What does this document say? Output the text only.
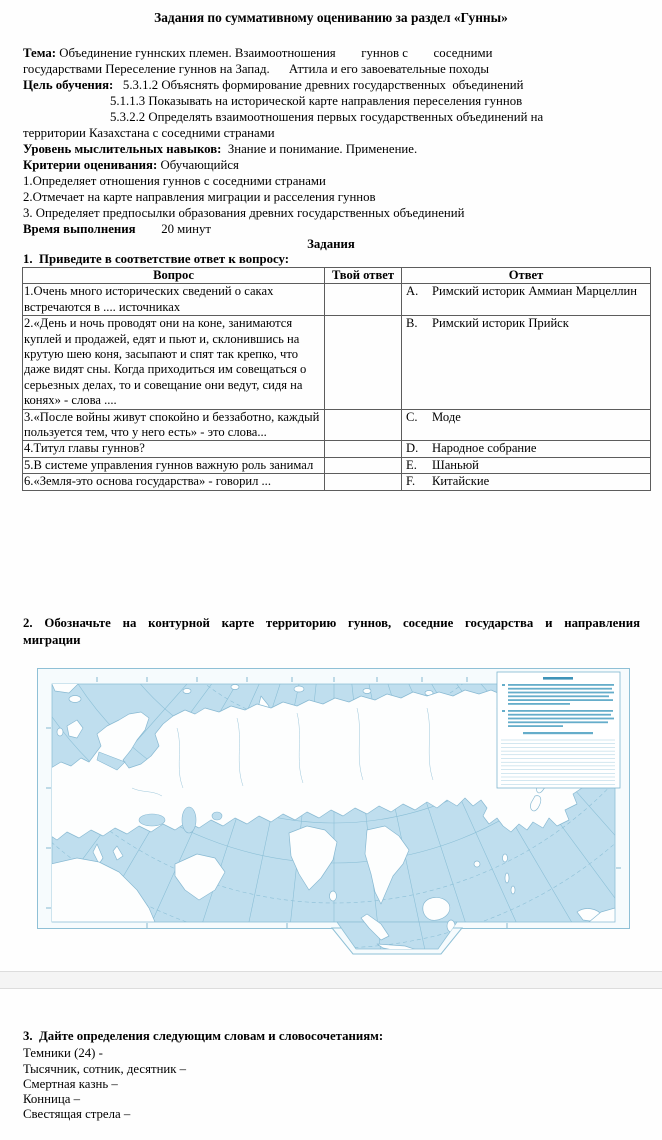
Задания по суммативному оцениванию за раздел «Гунны»
Тема: Объединение гуннских племен. Взаимоотношения        гуннов с        соседними
государствами Переселение гуннов на Запад.      Аттила и его завоевательные походы
Цель обучения:   5.3.1.2 Объяснять формирование древних государственных  объединений
5.1.1.3 Показывать на исторической карте направления переселения гуннов
5.3.2.2 Определять взаимоотношения первых государственных объединений на
территории Казахстана с соседними странами
Уровень мыслительных навыков:  Знание и понимание. Применение.
Критерии оценивания: Обучающийся
1.Определяет отношения гуннов с соседними странами
2.Отмечает на карте направления миграции и расселения гуннов
3. Определяет предпосылки образования древних государственных объединений
Время выполнения        20 минут
Задания
1.  Приведите в соответствие ответ к вопросу:
Вопрос	Твой ответ	Ответ
1.Очень много исторических сведений о саках встречаются в .... источниках		A. Римский историк Аммиан Марцеллин

2.«День и ночь проводят они на коне, занимаются куплей и продажей, едят и пьют и, склонившись на крутую шею коня, засыпают и спят так крепко, что даже видят сны. Когда приходиться им совещаться о серьезных делах, то и совещание они ведут, сидя на конях» - слова ....		B. Римский историк Прийск

3.«После войны живут спокойно и беззаботно, каждый пользуется тем, что у него есть» - это слова...		C. Моде

4.Титул главы гуннов?		D. Народное собрание

5.В системе управления гуннов важную роль занимал		E. Шаньюй

6.«Земля-это основа государства» - говорил ...		F. Китайские
2. Обозначьте на контурной карте территорию гуннов, соседние государства и направления
миграции
3.  Дайте определения следующим словам и словосочетаниям:
Темники (24) -
Тысячник, сотник, десятник –
Смертная казнь –
Конница –
Свестящая стрела –
